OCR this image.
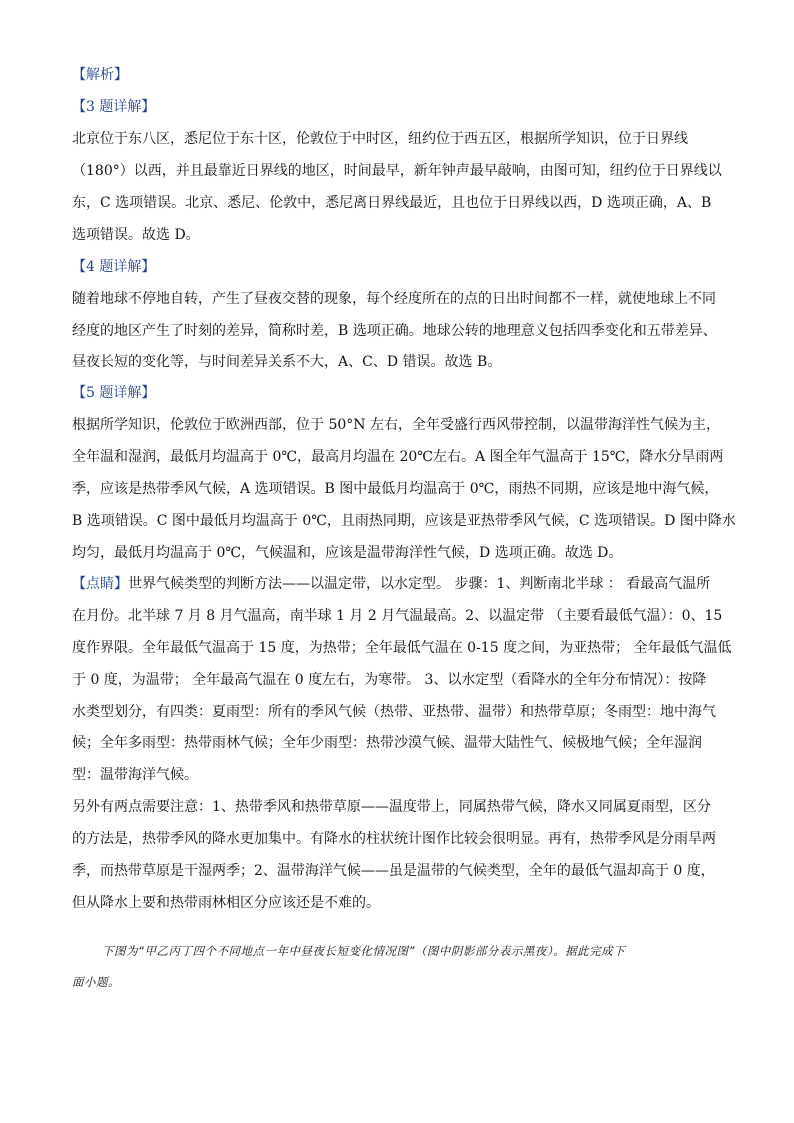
【解析】
【3 题详解】
北京位于东八区，悉尼位于东十区，伦敦位于中时区，纽约位于西五区，根据所学知识，位于日界线
（180°）以西，并且最靠近日界线的地区，时间最早，新年钟声最早敲响，由图可知，纽约位于日界线以
东，C 选项错误。北京、悉尼、伦敦中，悉尼离日界线最近，且也位于日界线以西，D 选项正确，A、B
选项错误。故选 D。
【4 题详解】
随着地球不停地自转，产生了昼夜交替的现象，每个经度所在的点的日出时间都不一样，就使地球上不同
经度的地区产生了时刻的差异，简称时差，B 选项正确。地球公转的地理意义包括四季变化和五带差异、
昼夜长短的变化等，与时间差异关系不大，A、C、D 错误。故选 B。
【5 题详解】
根据所学知识，伦敦位于欧洲西部，位于 50°N 左右，全年受盛行西风带控制，以温带海洋性气候为主，
全年温和湿润，最低月均温高于 0℃，最高月均温在 20℃左右。A 图全年气温高于 15℃，降水分旱雨两
季，应该是热带季风气候，A 选项错误。B 图中最低月均温高于 0℃，雨热不同期，应该是地中海气候，
B 选项错误。C 图中最低月均温高于 0℃，且雨热同期，应该是亚热带季风气候，C 选项错误。D 图中降水
均匀，最低月均温高于 0℃，气候温和，应该是温带海洋性气候，D 选项正确。故选 D。
【点睛】世界气候类型的判断方法——以温定带，以水定型。 步骤：1、判断南北半球 ： 看最高气温所
在月份。北半球 7 月 8 月气温高，南半球 1 月 2 月气温最高。2、以温定带 （主要看最低气温）：0、15
度作界限。全年最低气温高于 15 度，为热带；全年最低气温在 0-15 度之间，为亚热带； 全年最低气温低
于 0 度，为温带； 全年最高气温在 0 度左右，为寒带。 3、以水定型（看降水的全年分布情况）：按降
水类型划分，有四类：夏雨型：所有的季风气候（热带、亚热带、温带）和热带草原；冬雨型：地中海气
候；全年多雨型：热带雨林气候；全年少雨型：热带沙漠气候、温带大陆性气、候极地气候；全年湿润
型：温带海洋气候。
另外有两点需要注意：1、热带季风和热带草原——温度带上，同属热带气候，降水又同属夏雨型，区分
的方法是，热带季风的降水更加集中。有降水的柱状统计图作比较会很明显。再有，热带季风是分雨旱两
季，而热带草原是干湿两季；2、温带海洋气候——虽是温带的气候类型，全年的最低气温却高于 0 度，
但从降水上要和热带雨林相区分应该还是不难的。
下图为“甲乙丙丁四个不同地点一年中昼夜长短变化情况图”（图中阴影部分表示黑夜）。据此完成下
面小题。
